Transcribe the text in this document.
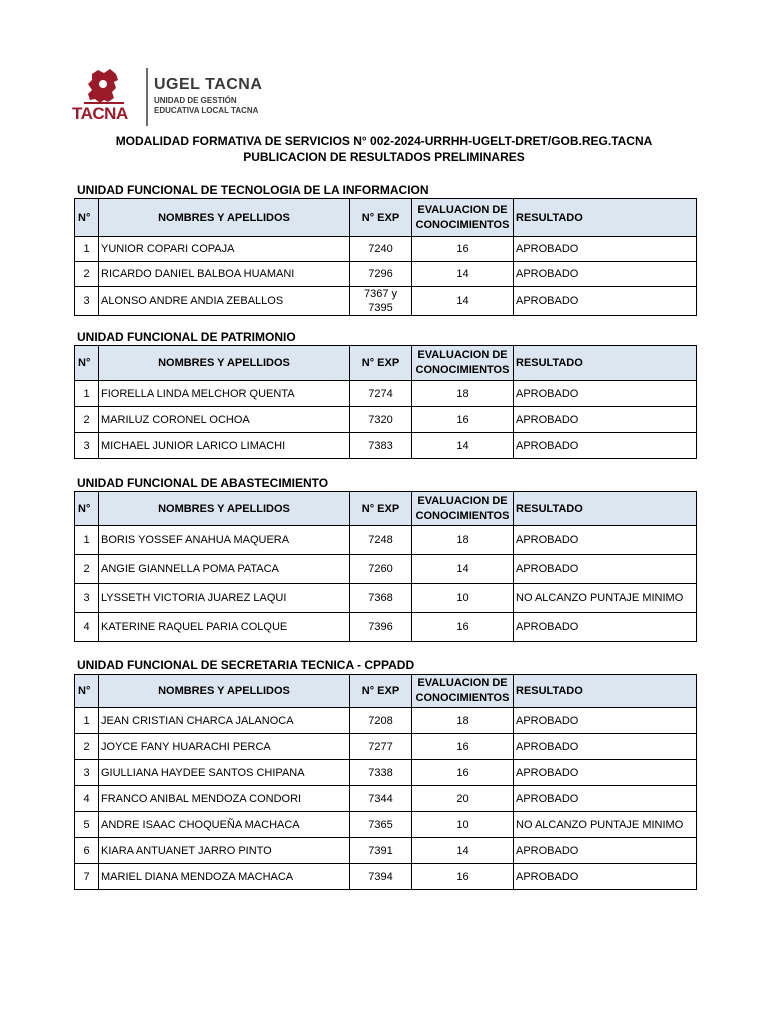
TACNA
UGEL TACNA
UNIDAD DE GESTIÓN
EDUCATIVA LOCAL TACNA
MODALIDAD FORMATIVA DE SERVICIOS N° 002-2024-URRHH-UGELT-DRET/GOB.REG.TACNA
PUBLICACION DE RESULTADOS PRELIMINARES
UNIDAD FUNCIONAL DE TECNOLOGIA DE LA INFORMACION
N°	NOMBRES Y APELLIDOS	N° EXP	EVALUACION DE
CONOCIMIENTOS	RESULTADO
1	YUNIOR COPARI COPAJA	7240	16	APROBADO
2	RICARDO DANIEL BALBOA HUAMANI	7296	14	APROBADO
3	ALONSO ANDRE ANDIA ZEBALLOS	7367 y 7395	14	APROBADO
UNIDAD FUNCIONAL DE PATRIMONIO
N°	NOMBRES Y APELLIDOS	N° EXP	EVALUACION DE
CONOCIMIENTOS	RESULTADO
1	FIORELLA LINDA MELCHOR QUENTA	7274	18	APROBADO
2	MARILUZ CORONEL OCHOA	7320	16	APROBADO
3	MICHAEL JUNIOR LARICO LIMACHI	7383	14	APROBADO
UNIDAD FUNCIONAL DE ABASTECIMIENTO
N°	NOMBRES Y APELLIDOS	N° EXP	EVALUACION DE
CONOCIMIENTOS	RESULTADO
1	BORIS YOSSEF ANAHUA MAQUERA	7248	18	APROBADO
2	ANGIE GIANNELLA POMA PATACA	7260	14	APROBADO
3	LYSSETH VICTORIA JUAREZ LAQUI	7368	10	NO ALCANZO PUNTAJE MINIMO
4	KATERINE RAQUEL PARIA COLQUE	7396	16	APROBADO
UNIDAD FUNCIONAL DE SECRETARIA TECNICA - CPPADD
N°	NOMBRES Y APELLIDOS	N° EXP	EVALUACION DE
CONOCIMIENTOS	RESULTADO
1	JEAN CRISTIAN CHARCA JALANOCA	7208	18	APROBADO
2	JOYCE FANY HUARACHI PERCA	7277	16	APROBADO
3	GIULLIANA HAYDEE SANTOS CHIPANA	7338	16	APROBADO
4	FRANCO ANIBAL MENDOZA CONDORI	7344	20	APROBADO
5	ANDRE ISAAC CHOQUEÑA MACHACA	7365	10	NO ALCANZO PUNTAJE MINIMO
6	KIARA ANTUANET JARRO PINTO	7391	14	APROBADO
7	MARIEL DIANA MENDOZA MACHACA	7394	16	APROBADO
